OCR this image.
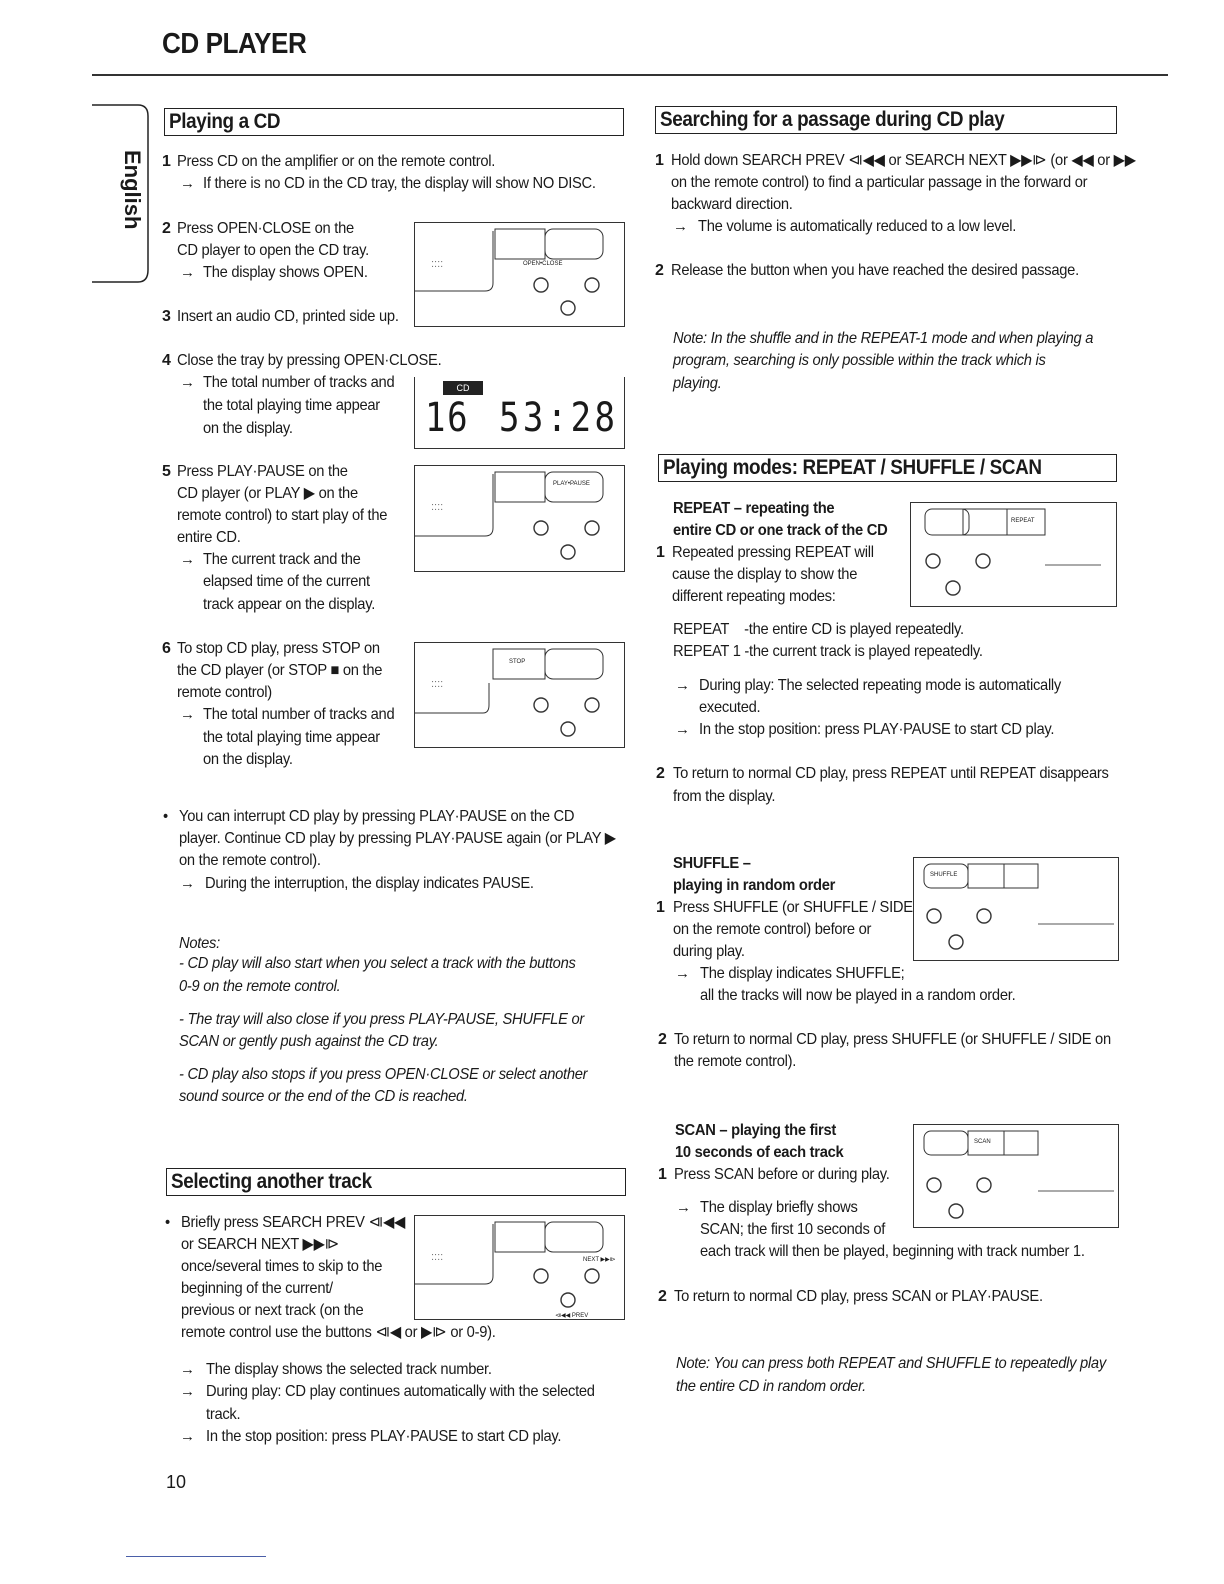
CD PLAYER
English
Playing a CD
1 Press CD on the amplifier or on the remote control.
→ If there is no CD in the CD tray, the display will show NO DISC.
2 Press OPEN·CLOSE on the
CD player to open the CD tray.
→ The display shows OPEN.
3 Insert an audio CD, printed side up.
::::	OPEN•CLOSE
4 Close the tray by pressing OPEN·CLOSE.
→ The total number of tracks and
the total playing time appear
on the display.
CD
16 53:28
5 Press PLAY·PAUSE on the
CD player (or PLAY ▶ on the
remote control) to start play of the
entire CD.
→ The current track and the
elapsed time of the current
track appear on the display.
::::
PLAY•PAUSE
6 To stop CD play, press STOP on
the CD player (or STOP ■ on the
remote control)
→ The total number of tracks and
the total playing time appear
on the display.
::::
STOP
• You can interrupt CD play by pressing PLAY·PAUSE on the CD
player. Continue CD play by pressing PLAY·PAUSE again (or PLAY ▶
on the remote control).
→ During the interruption, the display indicates PAUSE.
Notes:
- CD play will also start when you select a track with the buttons
0-9 on the remote control.
- The tray will also close if you press PLAY-PAUSE, SHUFFLE or
SCAN or gently push against the CD tray.
- CD play also stops if you press OPEN·CLOSE or select another
sound source or the end of the CD is reached.
Selecting another track
• Briefly press SEARCH PREV ⧏◀◀
or SEARCH NEXT ▶▶⧐
once/several times to skip to the
beginning of the current/
previous or next track (on the
remote control use the buttons ⧏◀ or ▶⧐ or 0-9).
::::	NEXT ▶▶⧐
⧏◀◀ PREV
→ The display shows the selected track number.
→ During play: CD play continues automatically with the selected
track.
→ In the stop position: press PLAY·PAUSE to start CD play.
10
Searching for a passage during CD play
1 Hold down SEARCH PREV ⧏◀◀ or SEARCH NEXT ▶▶⧐ (or ◀◀ or ▶▶
on the remote control) to find a particular passage in the forward or
backward direction.
→ The volume is automatically reduced to a low level.
2 Release the button when you have reached the desired passage.
Note: In the shuffle and in the REPEAT-1 mode and when playing a
program, searching is only possible within the track which is
playing.
Playing modes: REPEAT / SHUFFLE / SCAN
REPEAT – repeating the
entire CD or one track of the CD
1 Repeated pressing REPEAT will
cause the display to show the
different repeating modes:
REPEAT
REPEAT    -the entire CD is played repeatedly.
REPEAT 1 -the current track is played repeatedly.
→ During play: The selected repeating mode is automatically
executed.
→ In the stop position: press PLAY·PAUSE to start CD play.
2 To return to normal CD play, press REPEAT until REPEAT disappears
from the display.
SHUFFLE –
playing in random order
1 Press SHUFFLE (or SHUFFLE / SIDE
on the remote control) before or
during play.
SHUFFLE
→ The display indicates SHUFFLE;
all the tracks will now be played in a random order.
2 To return to normal CD play, press SHUFFLE (or SHUFFLE / SIDE on
the remote control).
SCAN – playing the first
10 seconds of each track
1 Press SCAN before or during play.
SCAN
→ The display briefly shows
SCAN; the first 10 seconds of
each track will then be played, beginning with track number 1.
2 To return to normal CD play, press SCAN or PLAY·PAUSE.
Note: You can press both REPEAT and SHUFFLE to repeatedly play
the entire CD in random order.
